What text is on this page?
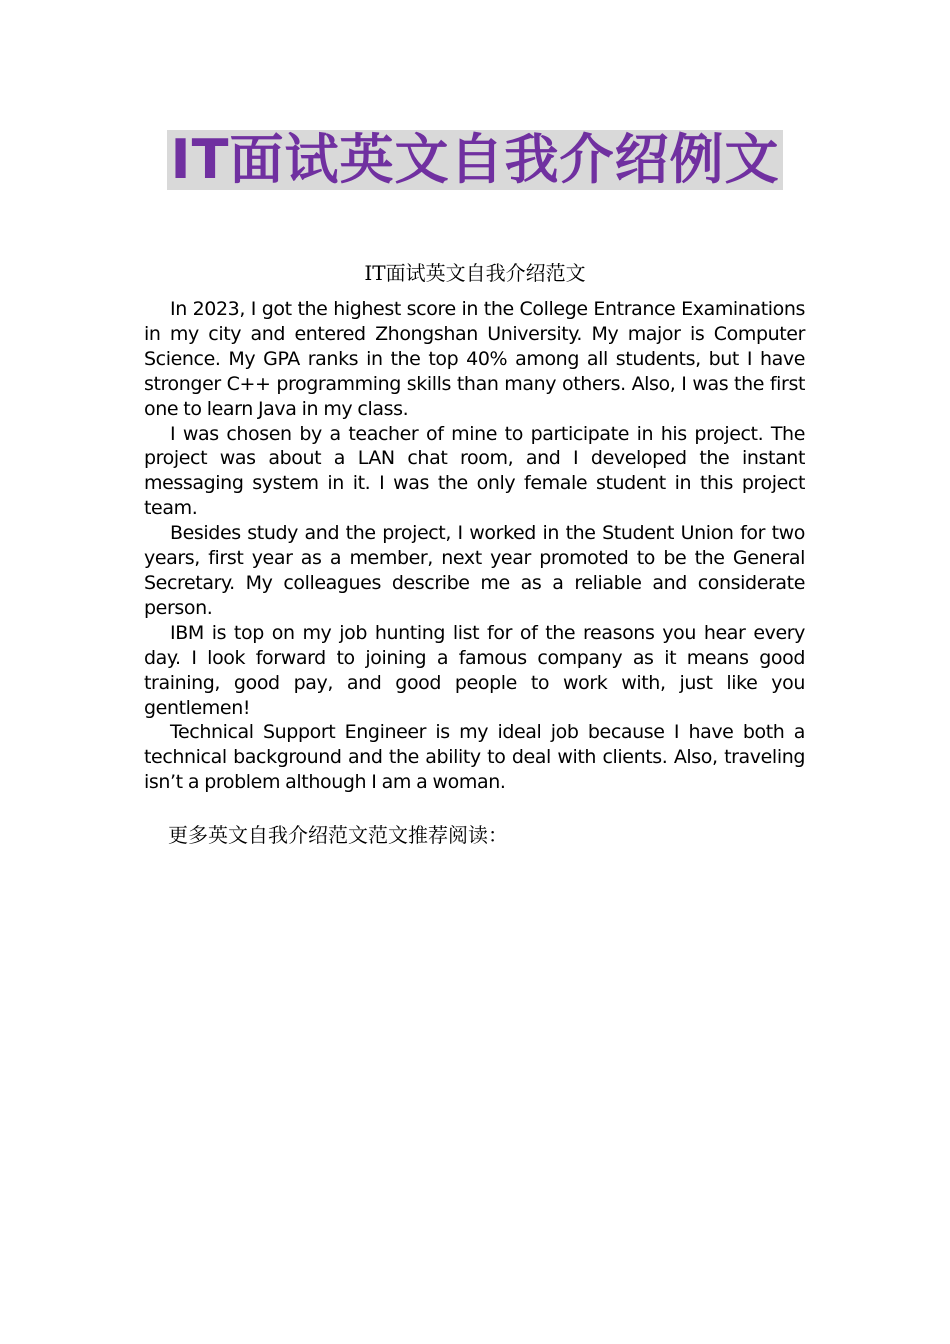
IT面试英文自我介绍例文
IT面试英文自我介绍范文

In 2023, I got the highest score in the College Entrance Examinations in my city and entered Zhongshan University. My major is Computer Science. My GPA ranks in the top 40% among all students, but I have stronger C++ programming skills than many others. Also, I was the first one to learn Java in my class.

I was chosen by a teacher of mine to participate in his project. The project was about a LAN chat room, and I developed the instant messaging system in it. I was the only female student in this project team.

Besides study and the project, I worked in the Student Union for two years, first year as a member, next year promoted to be the General Secretary. My colleagues describe me as a reliable and considerate person.

IBM is top on my job hunting list for of the reasons you hear every day. I look forward to joining a famous company as it means good training, good pay, and good people to work with, just like you gentlemen!

Technical Support Engineer is my ideal job because I have both a technical background and the ability to deal with clients. Also, traveling isn’t a problem although I am a woman.

更多英文自我介绍范文范文推荐阅读：
